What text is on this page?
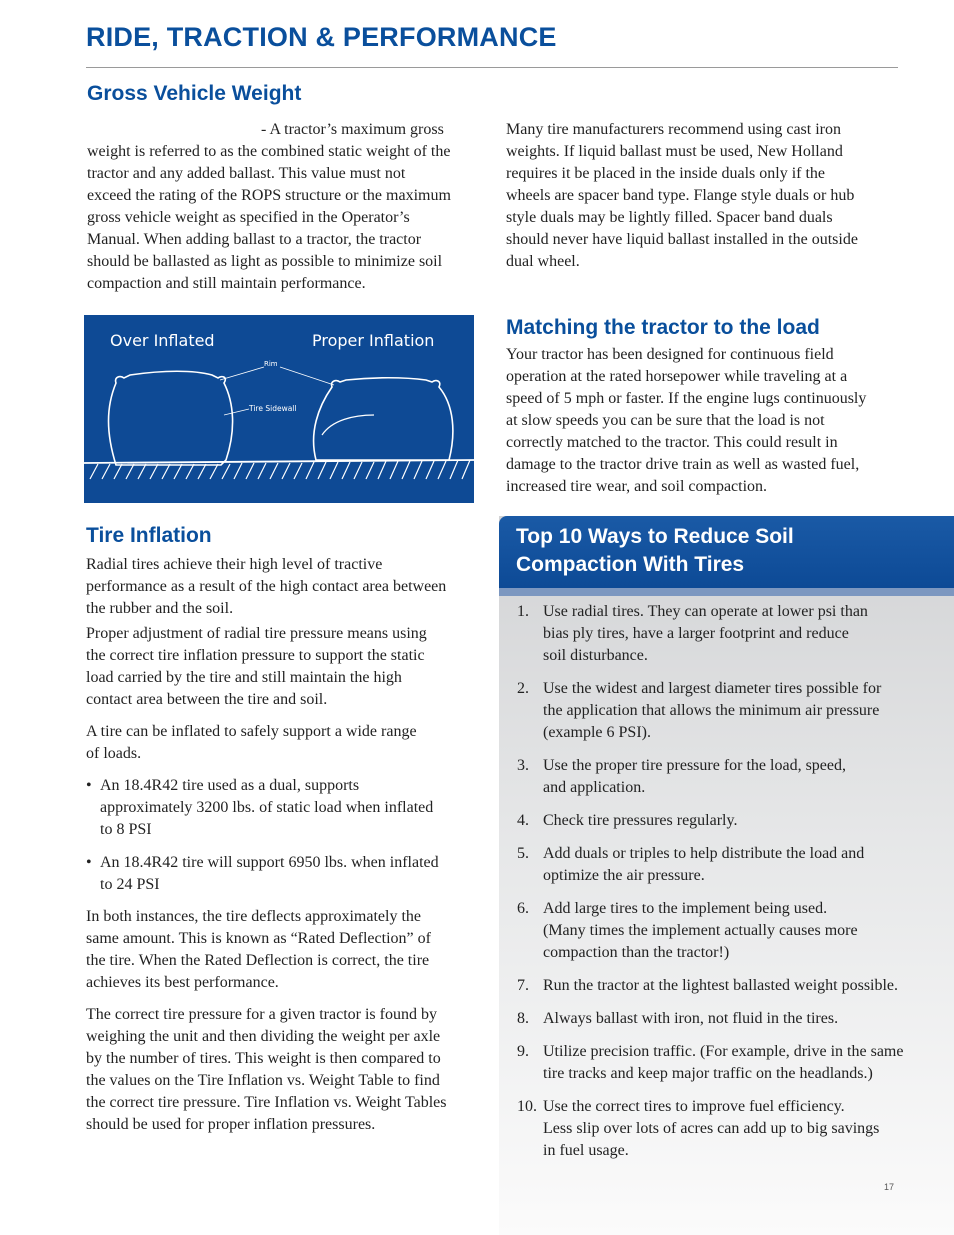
RIDE, TRACTION & PERFORMANCE
Gross Vehicle Weight

- A tractor’s maximum gross

weight is referred to as the combined static weight of the

tractor and any added ballast. This value must not

exceed the rating of the ROPS structure or the maximum

gross vehicle weight as specified in the Operator’s

Manual. When adding ballast to a tractor, the tractor

should be ballasted as light as possible to minimize soil

compaction and still maintain performance.

Many tire manufacturers recommend using cast iron

weights. If liquid ballast must be used, New Holland

requires it be placed in the inside duals only if the

wheels are spacer band type. Flange style duals or hub

style duals may be lightly filled. Spacer band duals

should never have liquid ballast installed in the outside

dual wheel.

Over Inflated	Proper Inflation
Rim
Tire Sidewall
Matching the tractor to the load

Your tractor has been designed for continuous field

operation at the rated horsepower while traveling at a

speed of 5 mph or faster. If the engine lugs continuously

at slow speeds you can be sure that the load is not

correctly matched to the tractor. This could result in

damage to the tractor drive train as well as wasted fuel,

increased tire wear, and soil compaction.

Tire Inflation

Radial tires achieve their high level of tractive

performance as a result of the high contact area between

the rubber and the soil.

Proper adjustment of radial tire pressure means using

the correct tire inflation pressure to support the static

load carried by the tire and still maintain the high

contact area between the tire and soil.

A tire can be inflated to safely support a wide range

of loads.

• An 18.4R42 tire used as a dual, supports

approximately 3200 lbs. of static load when inflated

to 8 PSI

• An 18.4R42 tire will support 6950 lbs. when inflated

to 24 PSI

In both instances, the tire deflects approximately the

same amount. This is known as “Rated Deflection” of

the tire. When the Rated Deflection is correct, the tire

achieves its best performance.

The correct tire pressure for a given tractor is found by

weighing the unit and then dividing the weight per axle

by the number of tires. This weight is then compared to

the values on the Tire Inflation vs. Weight Table to find

the correct tire pressure. Tire Inflation vs. Weight Tables

should be used for proper inflation pressures.

Top 10 Ways to Reduce Soil
Compaction With Tires
1. Use radial tires. They can operate at lower psi than
bias ply tires, have a larger footprint and reduce
soil disturbance.
2. Use the widest and largest diameter tires possible for
the application that allows the minimum air pressure
(example 6 PSI).
3. Use the proper tire pressure for the load, speed,
and application.
4. Check tire pressures regularly.
5. Add duals or triples to help distribute the load and
optimize the air pressure.
6. Add large tires to the implement being used.
(Many times the implement actually causes more
compaction than the tractor!)
7. Run the tractor at the lightest ballasted weight possible.
8. Always ballast with iron, not fluid in the tires.
9. Utilize precision traffic. (For example, drive in the same
tire tracks and keep major traffic on the headlands.)
10. Use the correct tires to improve fuel efficiency.
Less slip over lots of acres can add up to big savings
in fuel usage.
17
